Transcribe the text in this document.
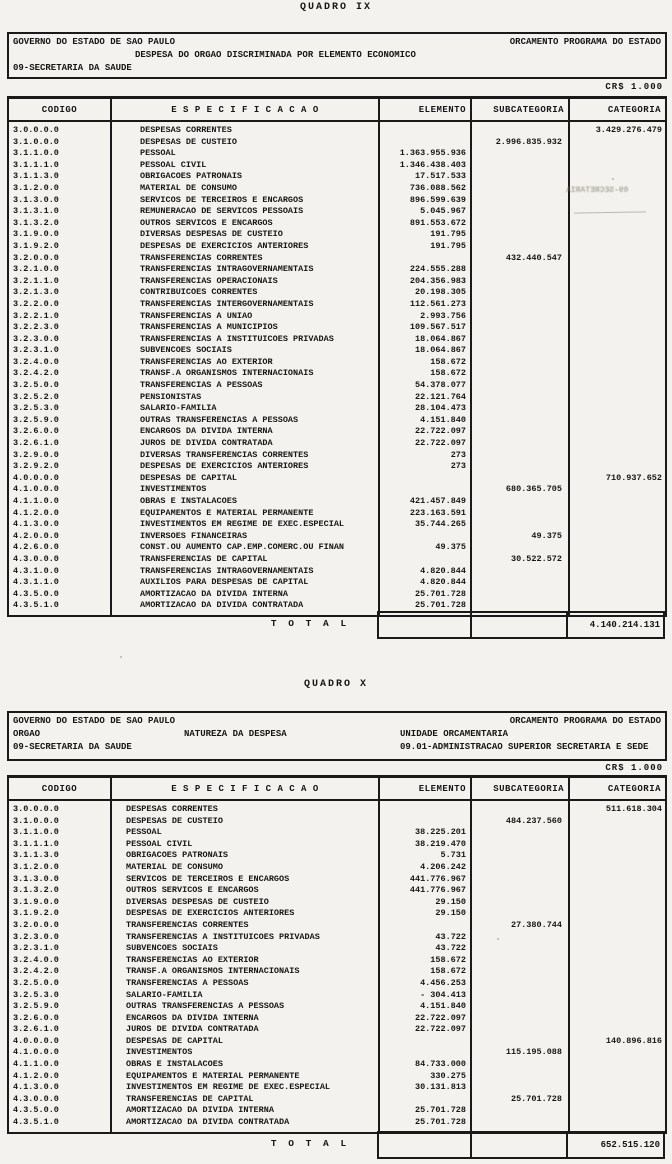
QUADRO IX
GOVERNO DO ESTADO DE SAO PAULO	ORCAMENTO PROGRAMA DO ESTADO
DESPESA DO ORGAO DISCRIMINADA POR ELEMENTO ECONOMICO
09-SECRETARIA DA SAUDE
CR$ 1.000
CODIGO	E S P E C I F I C A C A O	ELEMENTO	SUBCATEGORIA	CATEGORIA
3.0.0.0.0	DESPESAS CORRENTES			3.429.276.479
3.1.0.0.0	DESPESAS DE CUSTEIO		2.996.835.932	
3.1.1.0.0	PESSOAL	1.363.955.936		
3.1.1.1.0	PESSOAL CIVIL	1.346.438.403		
3.1.1.3.0	OBRIGACOES PATRONAIS	17.517.533		
3.1.2.0.0	MATERIAL DE CONSUMO	736.088.562		
3.1.3.0.0	SERVICOS DE TERCEIROS E ENCARGOS	896.599.639		
3.1.3.1.0	REMUNERACAO DE SERVICOS PESSOAIS	5.045.967		
3.1.3.2.0	OUTROS SERVICOS E ENCARGOS	891.553.672		
3.1.9.0.0	DIVERSAS DESPESAS DE CUSTEIO	191.795		
3.1.9.2.0	DESPESAS DE EXERCICIOS ANTERIORES	191.795		
3.2.0.0.0	TRANSFERENCIAS CORRENTES		432.440.547	
3.2.1.0.0	TRANSFERENCIAS INTRAGOVERNAMENTAIS	224.555.288		
3.2.1.1.0	TRANSFERENCIAS OPERACIONAIS	204.356.983		
3.2.1.3.0	CONTRIBUICOES CORRENTES	20.198.305		
3.2.2.0.0	TRANSFERENCIAS INTERGOVERNAMENTAIS	112.561.273		
3.2.2.1.0	TRANSFERENCIAS A UNIAO	2.993.756		
3.2.2.3.0	TRANSFERENCIAS A MUNICIPIOS	109.567.517		
3.2.3.0.0	TRANSFERENCIAS A INSTITUICOES PRIVADAS	18.064.867		
3.2.3.1.0	SUBVENCOES SOCIAIS	18.064.867		
3.2.4.0.0	TRANSFERENCIAS AO EXTERIOR	158.672		
3.2.4.2.0	TRANSF.A ORGANISMOS INTERNACIONAIS	158.672		
3.2.5.0.0	TRANSFERENCIAS A PESSOAS	54.378.077		
3.2.5.2.0	PENSIONISTAS	22.121.764		
3.2.5.3.0	SALARIO-FAMILIA	28.104.473		
3.2.5.9.0	OUTRAS TRANSFERENCIAS A PESSOAS	4.151.840		
3.2.6.0.0	ENCARGOS DA DIVIDA INTERNA	22.722.097		
3.2.6.1.0	JUROS DE DIVIDA CONTRATADA	22.722.097		
3.2.9.0.0	DIVERSAS TRANSFERENCIAS CORRENTES	273		
3.2.9.2.0	DESPESAS DE EXERCICIOS ANTERIORES	273		
4.0.0.0.0	DESPESAS DE CAPITAL			710.937.652
4.1.0.0.0	INVESTIMENTOS		680.365.705	
4.1.1.0.0	OBRAS E INSTALACOES	421.457.849		
4.1.2.0.0	EQUIPAMENTOS E MATERIAL PERMANENTE	223.163.591		
4.1.3.0.0	INVESTIMENTOS EM REGIME DE EXEC.ESPECIAL	35.744.265		
4.2.0.0.0	INVERSOES FINANCEIRAS		49.375	
4.2.6.0.0	CONST.OU AUMENTO CAP.EMP.COMERC.OU FINAN	49.375		
4.3.0.0.0	TRANSFERENCIAS DE CAPITAL		30.522.572	
4.3.1.0.0	TRANSFERENCIAS INTRAGOVERNAMENTAIS	4.820.844		
4.3.1.1.0	AUXILIOS PARA DESPESAS DE CAPITAL	4.820.844		
4.3.5.0.0	AMORTIZACAO DA DIVIDA INTERNA	25.701.728		
4.3.5.1.0	AMORTIZACAO DA DIVIDA CONTRATADA	25.701.728		
T O T A L	4.140.214.131
09-SECRETARIA
QUADRO X
GOVERNO DO ESTADO DE SAO PAULO	ORCAMENTO PROGRAMA DO ESTADO
ORGAO	NATUREZA DA DESPESA	UNIDADE ORCAMENTARIA
09-SECRETARIA DA SAUDE	09.01-ADMINISTRACAO SUPERIOR SECRETARIA E SEDE
CR$ 1.000
CODIGO	E S P E C I F I C A C A O	ELEMENTO	SUBCATEGORIA	CATEGORIA
3.0.0.0.0	DESPESAS CORRENTES			511.618.304
3.1.0.0.0	DESPESAS DE CUSTEIO		484.237.560	
3.1.1.0.0	PESSOAL	38.225.201		
3.1.1.1.0	PESSOAL CIVIL	38.219.470		
3.1.1.3.0	OBRIGACOES PATRONAIS	5.731		
3.1.2.0.0	MATERIAL DE CONSUMO	4.206.242		
3.1.3.0.0	SERVICOS DE TERCEIROS E ENCARGOS	441.776.967		
3.1.3.2.0	OUTROS SERVICOS E ENCARGOS	441.776.967		
3.1.9.0.0	DIVERSAS DESPESAS DE CUSTEIO	29.150		
3.1.9.2.0	DESPESAS DE EXERCICIOS ANTERIORES	29.150		
3.2.0.0.0	TRANSFERENCIAS CORRENTES		27.380.744	
3.2.3.0.0	TRANSFERENCIAS A INSTITUICOES PRIVADAS	43.722		
3.2.3.1.0	SUBVENCOES SOCIAIS	43.722		
3.2.4.0.0	TRANSFERENCIAS AO EXTERIOR	158.672		
3.2.4.2.0	TRANSF.A ORGANISMOS INTERNACIONAIS	158.672		
3.2.5.0.0	TRANSFERENCIAS A PESSOAS	4.456.253		
3.2.5.3.0	SALARIO-FAMILIA	- 304.413		
3.2.5.9.0	OUTRAS TRANSFERENCIAS A PESSOAS	4.151.840		
3.2.6.0.0	ENCARGOS DA DIVIDA INTERNA	22.722.097		
3.2.6.1.0	JUROS DE DIVIDA CONTRATADA	22.722.097		
4.0.0.0.0	DESPESAS DE CAPITAL			140.896.816
4.1.0.0.0	INVESTIMENTOS		115.195.088	
4.1.1.0.0	OBRAS E INSTALACOES	84.733.000		
4.1.2.0.0	EQUIPAMENTOS E MATERIAL PERMANENTE	330.275		
4.1.3.0.0	INVESTIMENTOS EM REGIME DE EXEC.ESPECIAL	30.131.813		
4.3.0.0.0	TRANSFERENCIAS DE CAPITAL		25.701.728	
4.3.5.0.0	AMORTIZACAO DA DIVIDA INTERNA	25.701.728		
4.3.5.1.0	AMORTIZACAO DA DIVIDA CONTRATADA	25.701.728		
T O T A L	652.515.120
